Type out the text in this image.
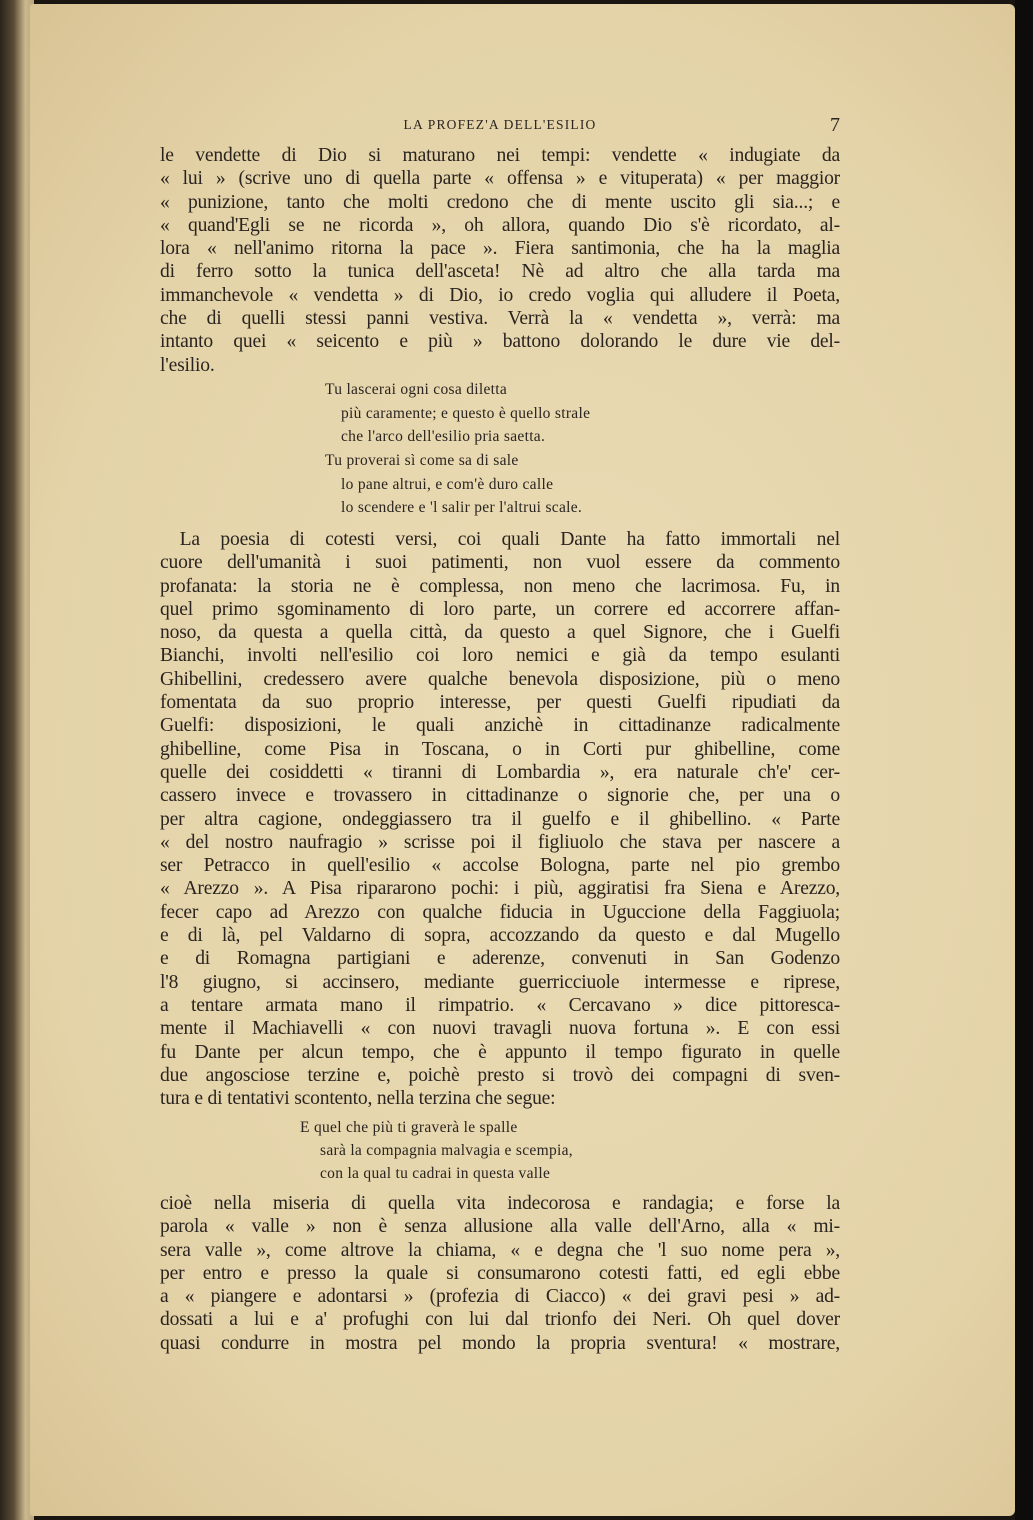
LA PROFEZ'A DELL'ESILIO	7
le vendette di Dio si maturano nei tempi: vendette « indugiate da
« lui » (scrive uno di quella parte « offensa » e vituperata) « per maggior
« punizione, tanto che molti credono che di mente uscito gli sia...; e
« quand'Egli se ne ricorda », oh allora, quando Dio s'è ricordato, al-
lora « nell'animo ritorna la pace ». Fiera santimonia, che ha la maglia
di ferro sotto la tunica dell'asceta! Nè ad altro che alla tarda ma
immanchevole « vendetta » di Dio, io credo voglia qui alludere il Poeta,
che di quelli stessi panni vestiva. Verrà la « vendetta », verrà: ma
intanto quei « seicento e più » battono dolorando le dure vie del-
l'esilio.
Tu lascerai ogni cosa diletta
più caramente; e questo è quello strale
che l'arco dell'esilio pria saetta.
Tu proverai sì come sa di sale
lo pane altrui, e com'è duro calle
lo scendere e 'l salir per l'altrui scale.
La poesia di cotesti versi, coi quali Dante ha fatto immortali nel
cuore dell'umanità i suoi patimenti, non vuol essere da commento
profanata: la storia ne è complessa, non meno che lacrimosa. Fu, in
quel primo sgominamento di loro parte, un correre ed accorrere affan-
noso, da questa a quella città, da questo a quel Signore, che i Guelfi
Bianchi, involti nell'esilio coi loro nemici e già da tempo esulanti
Ghibellini, credessero avere qualche benevola disposizione, più o meno
fomentata da suo proprio interesse, per questi Guelfi ripudiati da
Guelfi: disposizioni, le quali anzichè in cittadinanze radicalmente
ghibelline, come Pisa in Toscana, o in Corti pur ghibelline, come
quelle dei cosiddetti « tiranni di Lombardia », era naturale ch'e' cer-
cassero invece e trovassero in cittadinanze o signorie che, per una o
per altra cagione, ondeggiassero tra il guelfo e il ghibellino. « Parte
« del nostro naufragio » scrisse poi il figliuolo che stava per nascere a
ser Petracco in quell'esilio « accolse Bologna, parte nel pio grembo
« Arezzo ». A Pisa ripararono pochi: i più, aggiratisi fra Siena e Arezzo,
fecer capo ad Arezzo con qualche fiducia in Uguccione della Faggiuola;
e di là, pel Valdarno di sopra, accozzando da questo e dal Mugello
e di Romagna partigiani e aderenze, convenuti in San Godenzo
l'8 giugno, si accinsero, mediante guerricciuole intermesse e riprese,
a tentare armata mano il rimpatrio. « Cercavano » dice pittoresca-
mente il Machiavelli « con nuovi travagli nuova fortuna ». E con essi
fu Dante per alcun tempo, che è appunto il tempo figurato in quelle
due angosciose terzine e, poichè presto si trovò dei compagni di sven-
tura e di tentativi scontento, nella terzina che segue:
E quel che più ti graverà le spalle
sarà la compagnia malvagia e scempia,
con la qual tu cadrai in questa valle
cioè nella miseria di quella vita indecorosa e randagia; e forse la
parola « valle » non è senza allusione alla valle dell'Arno, alla « mi-
sera valle », come altrove la chiama, « e degna che 'l suo nome pera »,
per entro e presso la quale si consumarono cotesti fatti, ed egli ebbe
a « piangere e adontarsi » (profezia di Ciacco) « dei gravi pesi » ad-
dossati a lui e a' profughi con lui dal trionfo dei Neri. Oh quel dover
quasi condurre in mostra pel mondo la propria sventura! « mostrare,
